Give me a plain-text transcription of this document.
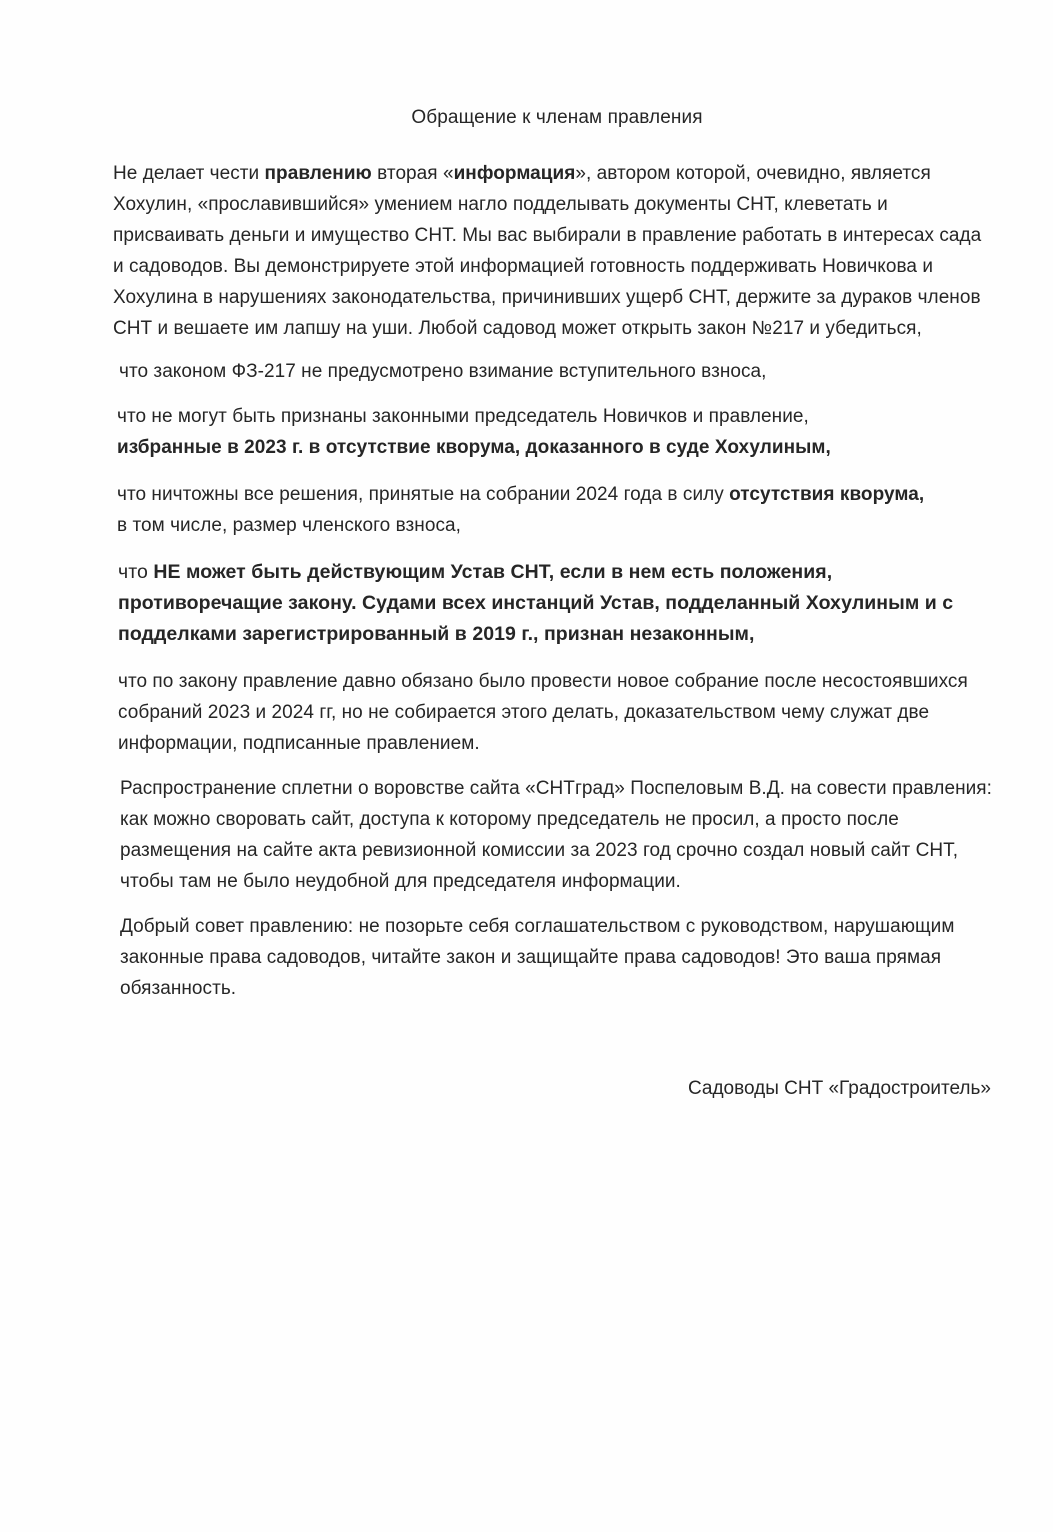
Обращение к членам правления

Не делает чести правлению вторая «информация», автором которой, очевидно, является Хохулин, «прославившийся» умением нагло подделывать документы СНТ, клеветать и присваивать деньги и имущество СНТ. Мы вас выбирали в правление работать в интересах сада и садоводов. Вы демонстрируете этой информацией готовность поддерживать Новичкова и Хохулина в нарушениях законодательства, причинивших ущерб СНТ, держите за дураков членов СНТ и вешаете им лапшу на уши. Любой садовод может открыть закон №217 и убедиться,

что законом ФЗ-217 не предусмотрено взимание вступительного взноса,

что не могут быть признаны законными председатель Новичков и правление,
избранные в 2023 г. в отсутствие кворума, доказанного в суде Хохулиным,

что ничтожны все решения, принятые на собрании 2024 года в силу отсутствия кворума,
в том числе, размер членского взноса,

что НЕ может быть действующим Устав СНТ, если в нем есть положения, противоречащие закону. Судами всех инстанций Устав, подделанный Хохулиным и с подделками зарегистрированный в 2019 г., признан незаконным,

что по закону правление давно обязано было провести новое собрание после несостоявшихся собраний 2023 и 2024 гг, но не собирается этого делать, доказательством чему служат две информации, подписанные правлением.

Распространение сплетни о воровстве сайта «СНТград» Поспеловым В.Д. на совести правления: как можно своровать сайт, доступа к которому председатель не просил, а просто после размещения на сайте акта ревизионной комиссии за 2023 год срочно создал новый сайт СНТ, чтобы там не было неудобной для председателя информации.

Добрый совет правлению: не позорьте себя соглашательством с руководством, нарушающим законные права садоводов, читайте закон и защищайте права садоводов! Это ваша прямая обязанность.

Садоводы СНТ «Градостроитель»
